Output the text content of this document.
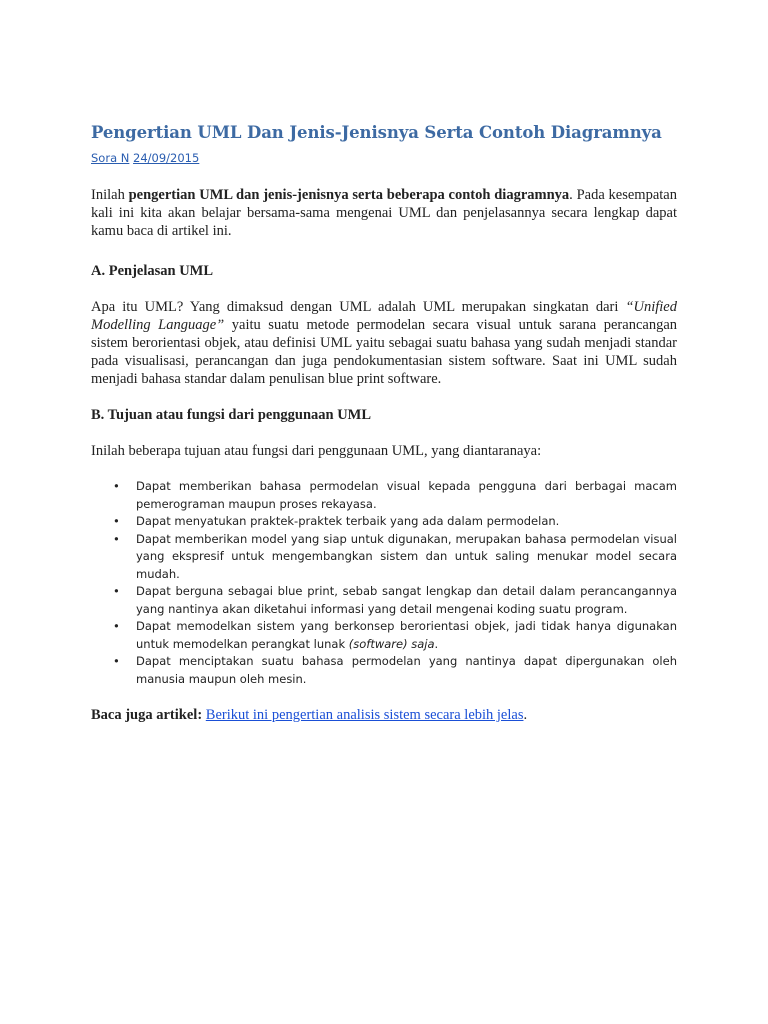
Pengertian UML Dan Jenis-Jenisnya Serta Contoh Diagramnya
Sora N 24/09/2015

Inilah pengertian UML dan jenis-jenisnya serta beberapa contoh diagramnya. Pada kesempatan kali ini kita akan belajar bersama-sama mengenai UML dan penjelasannya secara lengkap dapat kamu baca di artikel ini.

A. Penjelasan UML

Apa itu UML? Yang dimaksud dengan UML adalah UML merupakan singkatan dari “Unified Modelling Language” yaitu suatu metode permodelan secara visual untuk sarana perancangan sistem berorientasi objek, atau definisi UML yaitu sebagai suatu bahasa yang sudah menjadi standar pada visualisasi, perancangan dan juga pendokumentasian sistem software. Saat ini UML sudah menjadi bahasa standar dalam penulisan blue print software.

B. Tujuan atau fungsi dari penggunaan UML

Inilah beberapa tujuan atau fungsi dari penggunaan UML, yang diantaranaya:

• Dapat memberikan bahasa permodelan visual kepada pengguna dari berbagai macam pemerograman maupun proses rekayasa.
• Dapat menyatukan praktek-praktek terbaik yang ada dalam permodelan.
• Dapat memberikan model yang siap untuk digunakan, merupakan bahasa permodelan visual yang ekspresif untuk mengembangkan sistem dan untuk saling menukar model secara mudah.
• Dapat berguna sebagai blue print, sebab sangat lengkap dan detail dalam perancangannya yang nantinya akan diketahui informasi yang detail mengenai koding suatu program.
• Dapat memodelkan sistem yang berkonsep berorientasi objek, jadi tidak hanya digunakan untuk memodelkan perangkat lunak (software) saja.
• Dapat menciptakan suatu bahasa permodelan yang nantinya dapat dipergunakan oleh manusia maupun oleh mesin.

Baca juga artikel: Berikut ini pengertian analisis sistem secara lebih jelas.
